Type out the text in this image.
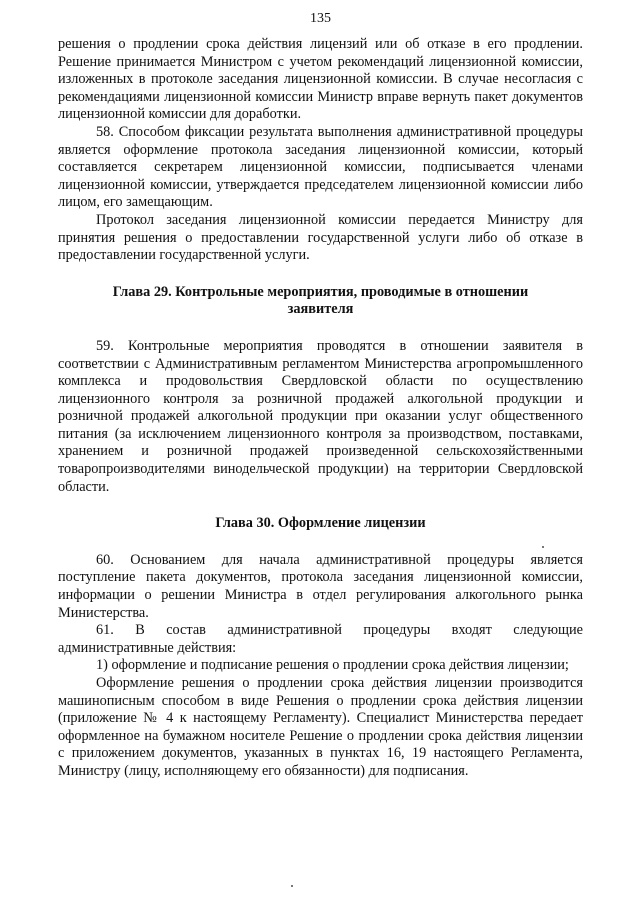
135

решения о продлении срока действия лицензий или об отказе в его продлении. Решение принимается Министром с учетом рекомендаций лицензионной комиссии, изложенных в протоколе заседания лицензионной комиссии. В случае несогласия с рекомендациями лицензионной комиссии Министр вправе вернуть пакет документов лицензионной комиссии для доработки.

58. Способом фиксации результата выполнения административной процедуры является оформление протокола заседания лицензионной комиссии, который составляется секретарем лицензионной комиссии, подписывается членами лицензионной комиссии, утверждается председателем лицензионной комиссии либо лицом, его замещающим.

Протокол заседания лицензионной комиссии передается Министру для принятия решения о предоставлении государственной услуги либо об отказе в предоставлении государственной услуги.

Глава 29. Контрольные мероприятия, проводимые в отношении заявителя

59. Контрольные мероприятия проводятся в отношении заявителя в соответствии с Административным регламентом Министерства агропромышленного комплекса и продовольствия Свердловской области по осуществлению лицензионного контроля за розничной продажей алкогольной продукции и розничной продажей алкогольной продукции при оказании услуг общественного питания (за исключением лицензионного контроля за производством, поставками, хранением и розничной продажей произведенной сельскохозяйственными товаропроизводителями винодельческой продукции) на территории Свердловской области.

Глава 30. Оформление лицензии

60. Основанием для начала административной процедуры является поступление пакета документов, протокола заседания лицензионной комиссии, информации о решении Министра в отдел регулирования алкогольного рынка Министерства.

61. В состав административной процедуры входят следующие административные действия:

1) оформление и подписание решения о продлении срока действия лицензии;

Оформление решения о продлении срока действия лицензии производится машинописным способом в виде Решения о продлении срока действия лицензии (приложение № 4 к настоящему Регламенту). Специалист Министерства передает оформленное на бумажном носителе Решение о продлении срока действия лицензии с приложением документов, указанных в пунктах 16, 19 настоящего Регламента, Министру (лицу, исполняющему его обязанности) для подписания.
